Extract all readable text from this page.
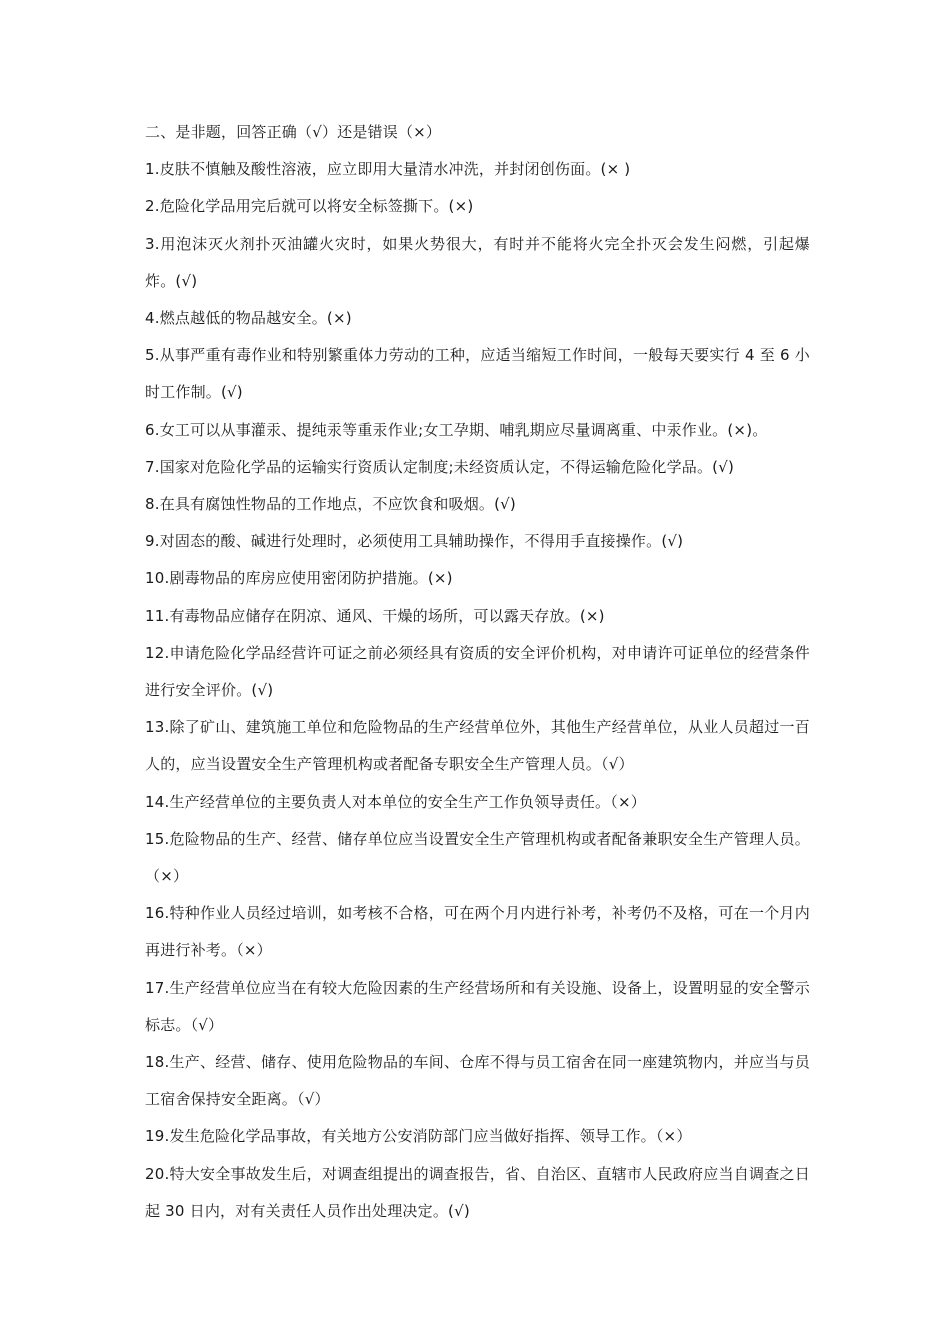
二、是非题，回答正确（√）还是错误（×）

1.皮肤不慎触及酸性溶液，应立即用大量清水冲洗，并封闭创伤面。(× )

2.危险化学品用完后就可以将安全标签撕下。(×)

3.用泡沫灭火剂扑灭油罐火灾时，如果火势很大，有时并不能将火完全扑灭会发生闷燃，引起爆炸。(√)

4.燃点越低的物品越安全。(×)

5.从事严重有毒作业和特别繁重体力劳动的工种，应适当缩短工作时间，一般每天要实行 4 至 6 小时工作制。(√)

6.女工可以从事灌汞、提纯汞等重汞作业;女工孕期、哺乳期应尽量调离重、中汞作业。(×)。

7.国家对危险化学品的运输实行资质认定制度;未经资质认定，不得运输危险化学品。(√)

8.在具有腐蚀性物品的工作地点，不应饮食和吸烟。(√)

9.对固态的酸、碱进行处理时，必须使用工具辅助操作，不得用手直接操作。(√)

10.剧毒物品的库房应使用密闭防护措施。(×)

11.有毒物品应储存在阴凉、通风、干燥的场所，可以露天存放。(×)

12.申请危险化学品经营许可证之前必须经具有资质的安全评价机构，对申请许可证单位的经营条件进行安全评价。(√)

13.除了矿山、建筑施工单位和危险物品的生产经营单位外，其他生产经营单位，从业人员超过一百人的，应当设置安全生产管理机构或者配备专职安全生产管理人员。（√）

14.生产经营单位的主要负责人对本单位的安全生产工作负领导责任。（×）

15.危险物品的生产、经营、储存单位应当设置安全生产管理机构或者配备兼职安全生产管理人员。（×）

16.特种作业人员经过培训，如考核不合格，可在两个月内进行补考，补考仍不及格，可在一个月内再进行补考。（×）

17.生产经营单位应当在有较大危险因素的生产经营场所和有关设施、设备上，设置明显的安全警示标志。（√）

18.生产、经营、储存、使用危险物品的车间、仓库不得与员工宿舍在同一座建筑物内，并应当与员工宿舍保持安全距离。（√）

19.发生危险化学品事故，有关地方公安消防部门应当做好指挥、领导工作。（×）

20.特大安全事故发生后，对调查组提出的调查报告，省、自治区、直辖市人民政府应当自调查之日起 30 日内，对有关责任人员作出处理决定。(√)
